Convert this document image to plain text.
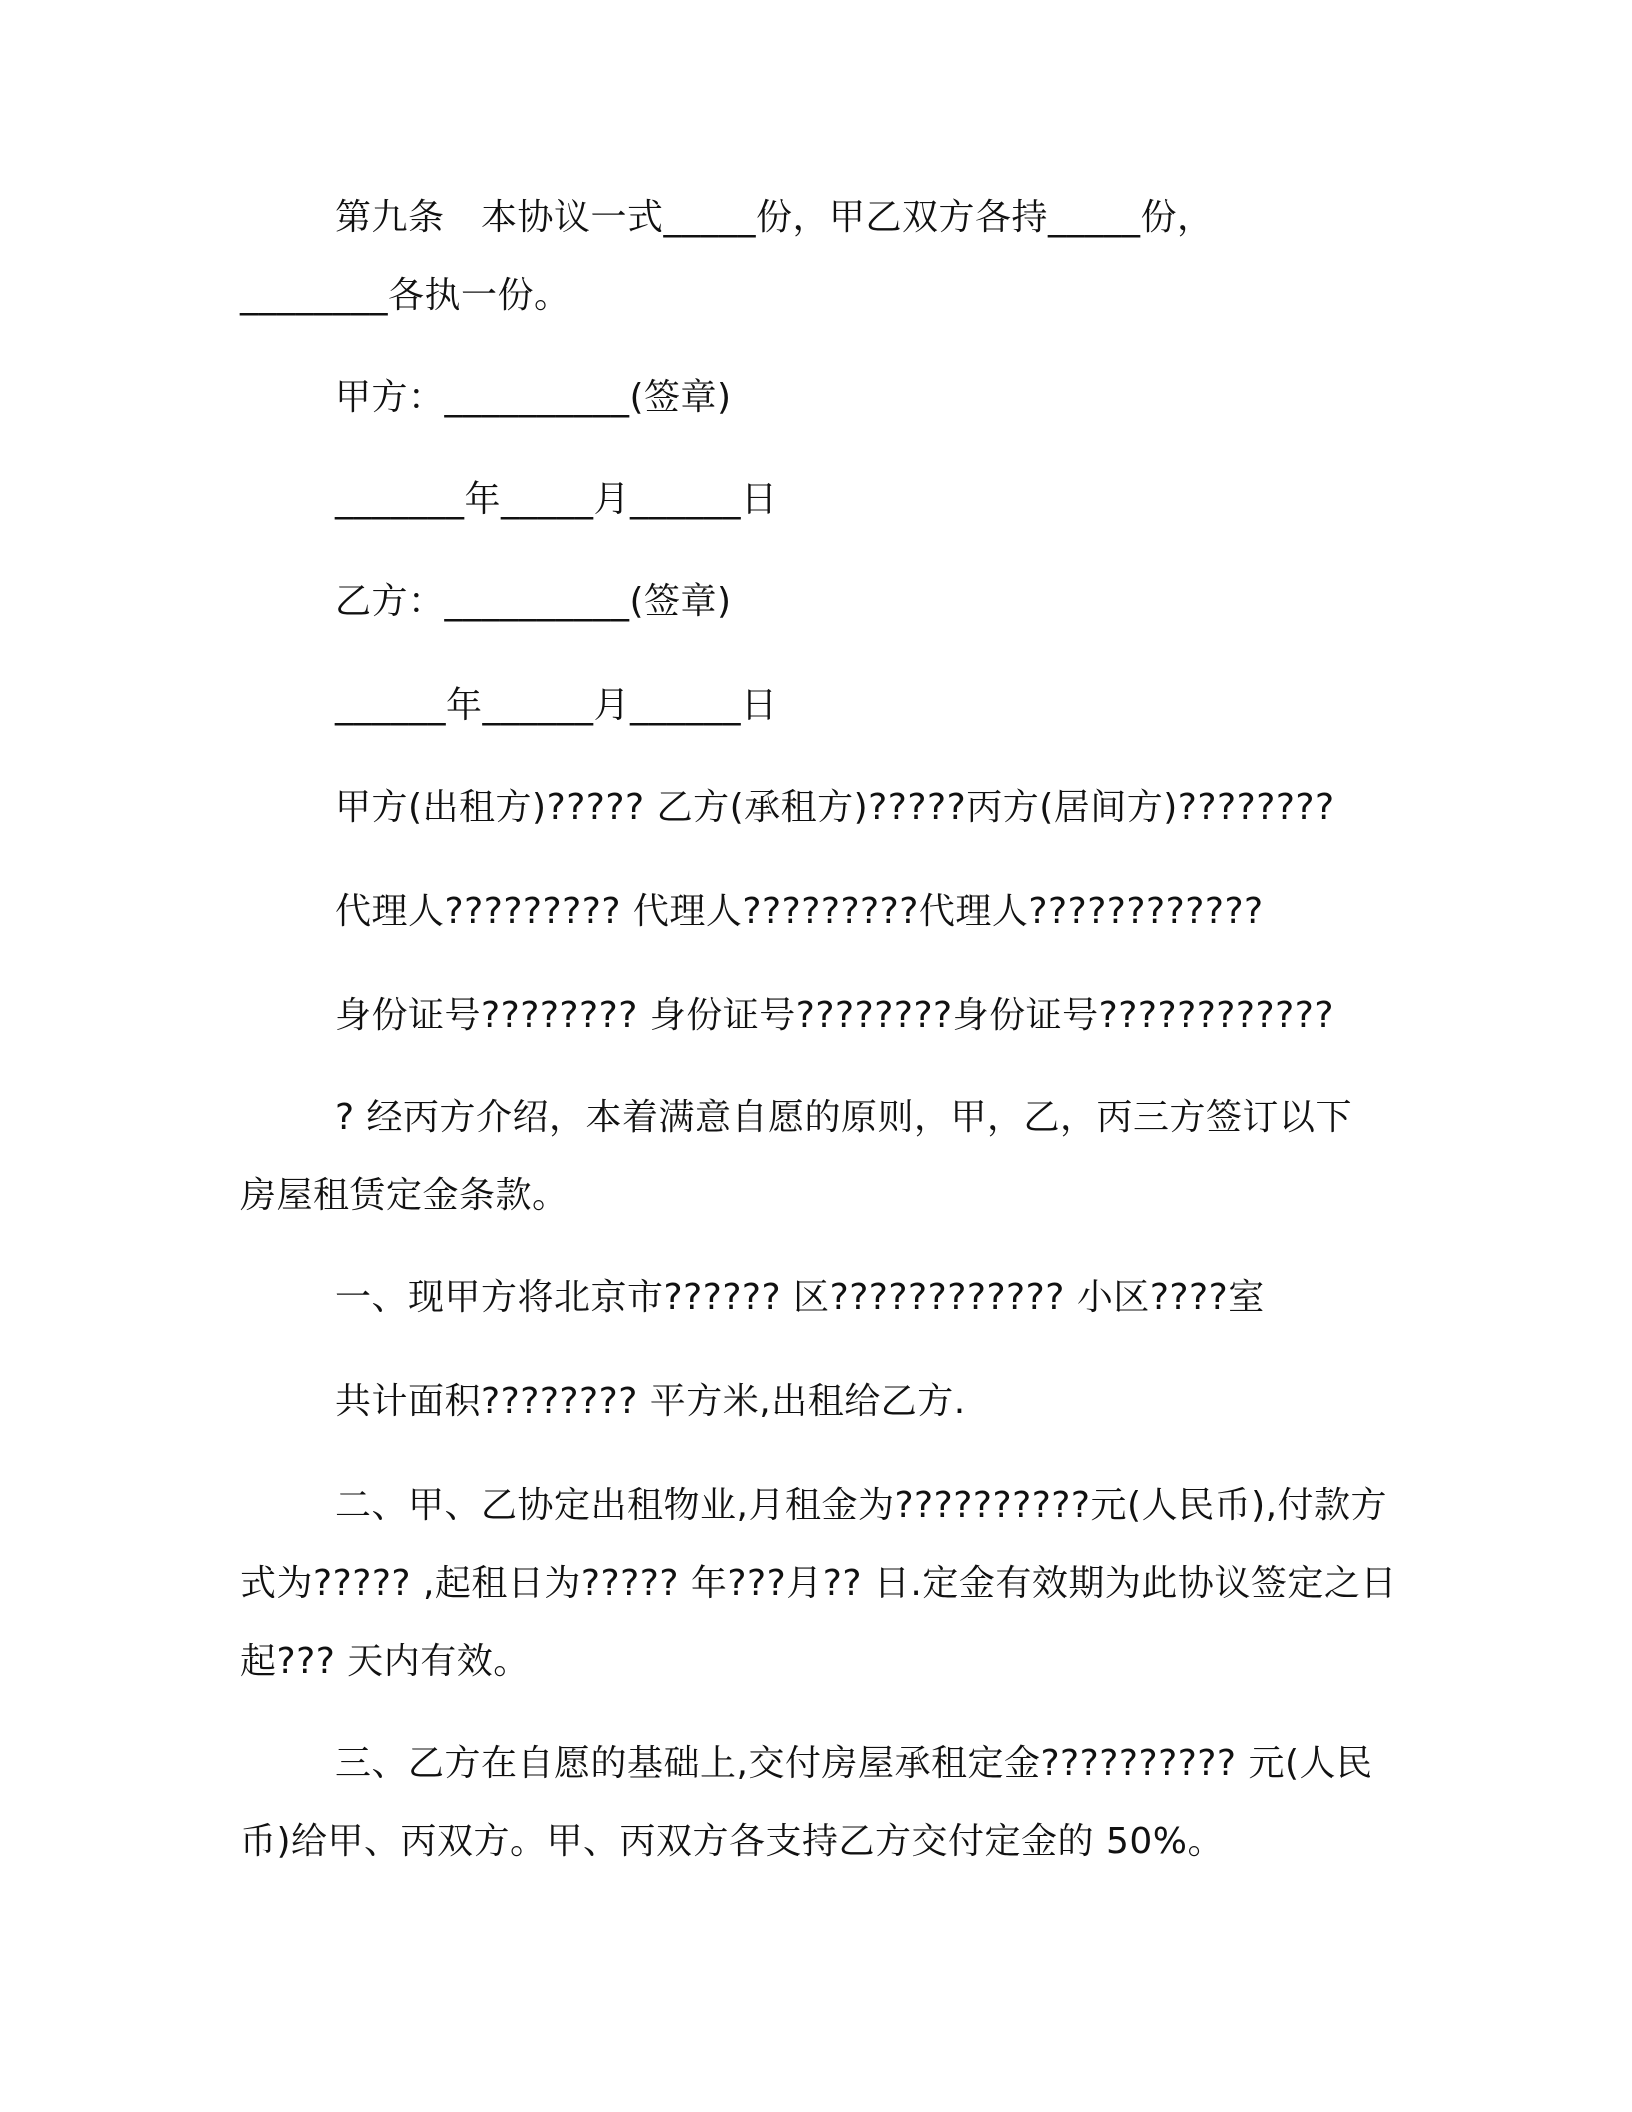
第九条　本协议一式_____份，甲乙双方各持_____份，
________各执一份。
甲方：__________(签章)
_______年_____月______日
乙方：__________(签章)
______年______月______日
甲方(出租方)????? 乙方(承租方)?????丙方(居间方)????????
代理人????????? 代理人?????????代理人????????????
身份证号???????? 身份证号????????身份证号????????????
? 经丙方介绍，本着满意自愿的原则，甲，乙，丙三方签订以下
房屋租赁定金条款。
一、现甲方将北京市?????? 区???????????? 小区????室
共计面积???????? 平方米,出租给乙方.
二、甲、乙协定出租物业,月租金为??????????元(人民币),付款方
式为????? ,起租日为????? 年???月?? 日.定金有效期为此协议签定之日
起??? 天内有效。
三、乙方在自愿的基础上,交付房屋承租定金?????????? 元(人民
币)给甲、丙双方。甲、丙双方各支持乙方交付定金的 50%。
